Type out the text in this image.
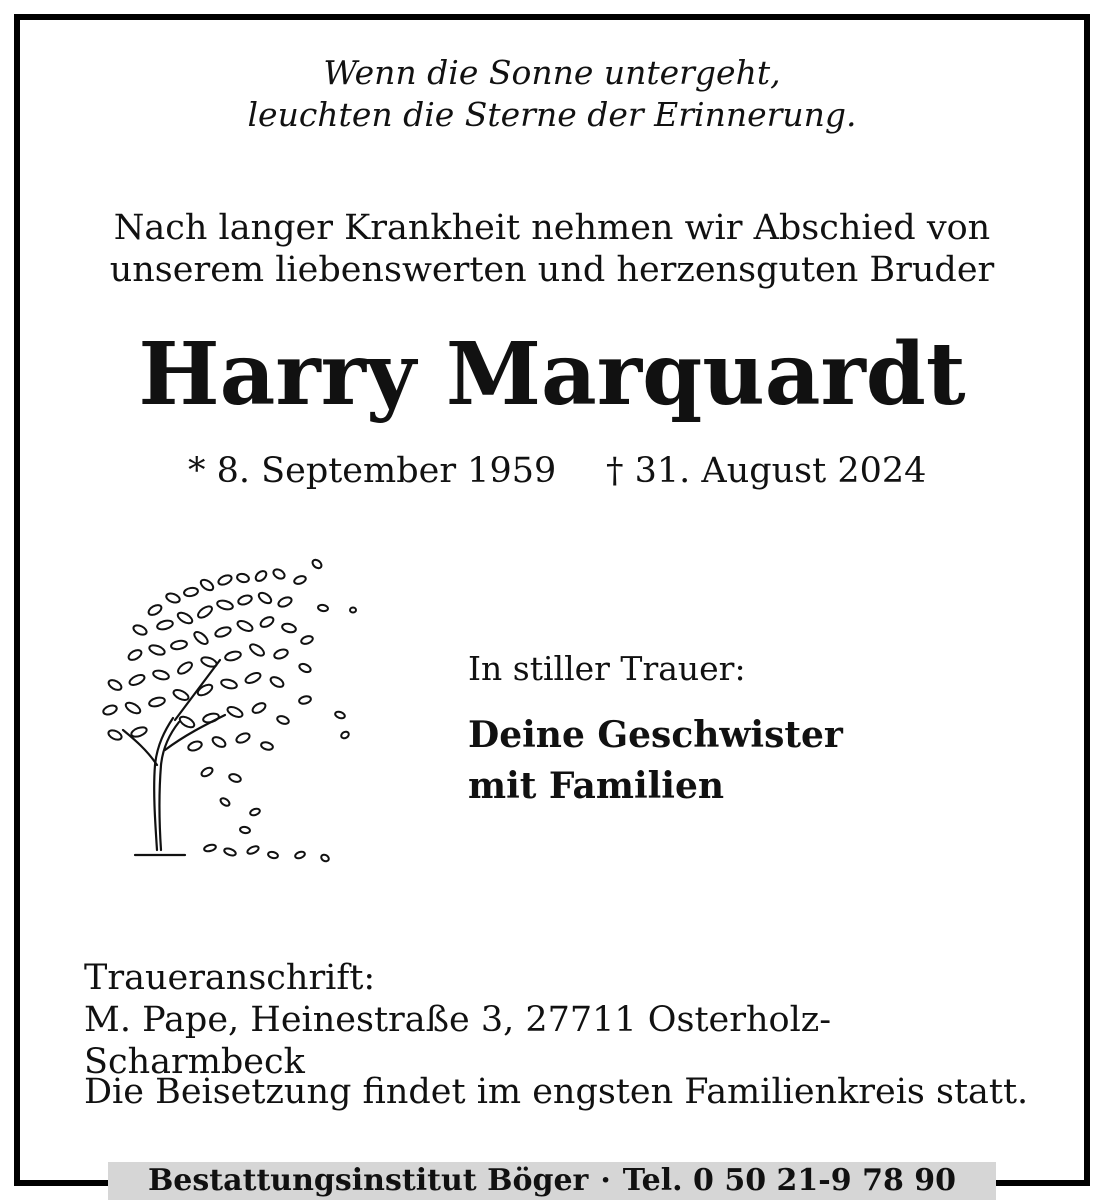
Wenn die Sonne untergeht,
leuchten die Sterne der Erinnerung.
Nach langer Krankheit nehmen wir Abschied von
unserem liebenswerten und herzensguten Bruder
Harry Marquardt
* 8. September 1959 † 31. August 2024
In stiller Trauer:
Deine Geschwister
mit Familien
Traueranschrift:
M. Pape, Heinestraße 3, 27711 Osterholz-Scharmbeck
Die Beisetzung findet im engsten Familienkreis statt.
Bestattungsinstitut Böger · Tel. 0 50 21-9 78 90
